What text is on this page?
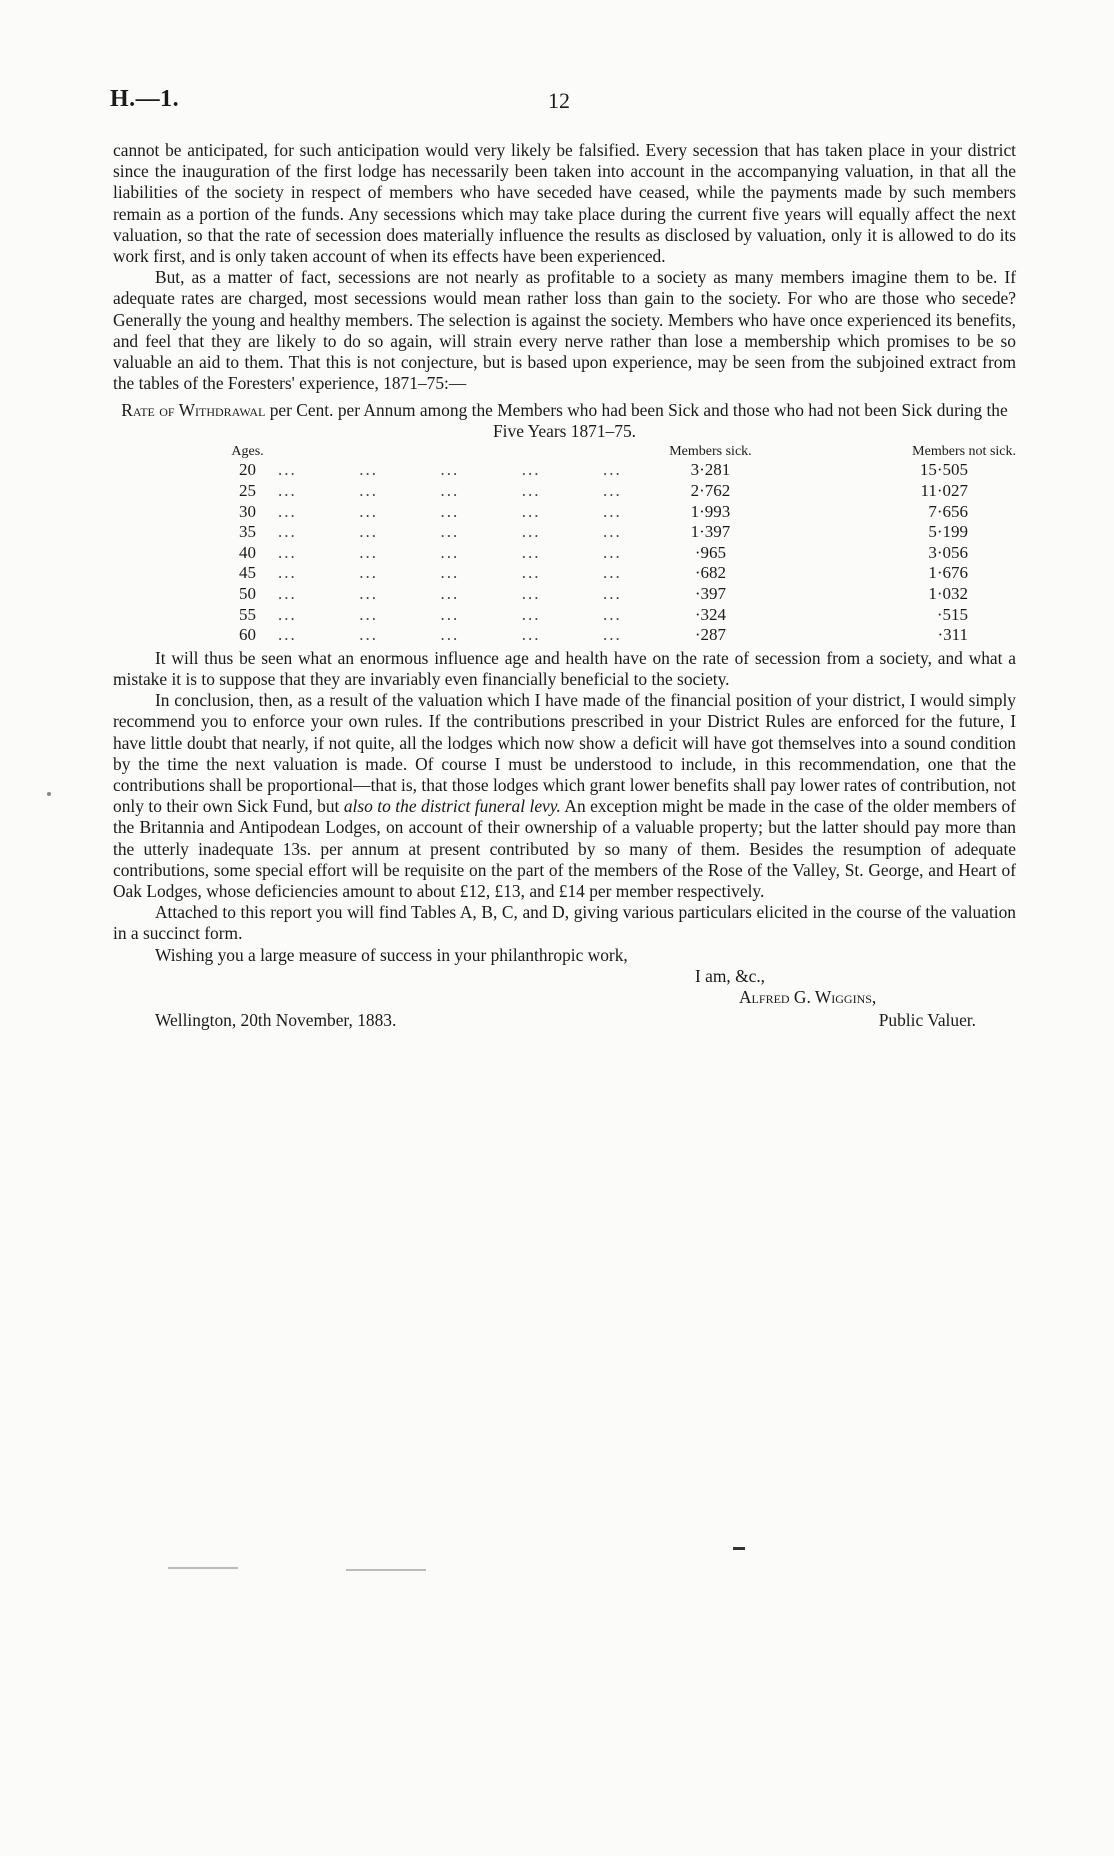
H.—1.	12

cannot be anticipated, for such anticipation would very likely be falsified. Every secession that has taken place in your district since the inauguration of the first lodge has necessarily been taken into account in the accompanying valuation, in that all the liabilities of the society in respect of members who have seceded have ceased, while the payments made by such members remain as a portion of the funds. Any secessions which may take place during the current five years will equally affect the next valuation, so that the rate of secession does materially influence the results as disclosed by valuation, only it is allowed to do its work first, and is only taken account of when its effects have been experienced.

But, as a matter of fact, secessions are not nearly as profitable to a society as many members imagine them to be. If adequate rates are charged, most secessions would mean rather loss than gain to the society. For who are those who secede? Generally the young and healthy members. The selection is against the society. Members who have once experienced its benefits, and feel that they are likely to do so again, will strain every nerve rather than lose a membership which promises to be so valuable an aid to them. That this is not conjecture, but is based upon experience, may be seen from the subjoined extract from the tables of the Foresters' experience, 1871–75:—

Rate of Withdrawal per Cent. per Annum among the Members who had been Sick and those who had not been Sick during the Five Years 1871–75.
Ages.		Members sick.	Members not sick.
20	...          ...          ...          ...          ...	3·281	15·505
25	...          ...          ...          ...          ...	2·762	11·027
30	...          ...          ...          ...          ...	1·993	7·656
35	...          ...          ...          ...          ...	1·397	5·199
40	...          ...          ...          ...          ...	·965	3·056
45	...          ...          ...          ...          ...	·682	1·676
50	...          ...          ...          ...          ...	·397	1·032
55	...          ...          ...          ...          ...	·324	·515
60	...          ...          ...          ...          ...	·287	·311

It will thus be seen what an enormous influence age and health have on the rate of secession from a society, and what a mistake it is to suppose that they are invariably even financially beneficial to the society.

In conclusion, then, as a result of the valuation which I have made of the financial position of your district, I would simply recommend you to enforce your own rules. If the contributions prescribed in your District Rules are enforced for the future, I have little doubt that nearly, if not quite, all the lodges which now show a deficit will have got themselves into a sound condition by the time the next valuation is made. Of course I must be understood to include, in this recommendation, one that the contributions shall be proportional—that is, that those lodges which grant lower benefits shall pay lower rates of contribution, not only to their own Sick Fund, but also to the district funeral levy. An exception might be made in the case of the older members of the Britannia and Antipodean Lodges, on account of their ownership of a valuable property; but the latter should pay more than the utterly inadequate 13s. per annum at present contributed by so many of them. Besides the resumption of adequate contributions, some special effort will be requisite on the part of the members of the Rose of the Valley, St. George, and Heart of Oak Lodges, whose deficiencies amount to about £12, £13, and £14 per member respectively.

Attached to this report you will find Tables A, B, C, and D, giving various particulars elicited in the course of the valuation in a succinct form.

Wishing you a large measure of success in your philanthropic work,
I am, &c.,
Alfred G. Wiggins,
Wellington, 20th November, 1883.	Public Valuer.
